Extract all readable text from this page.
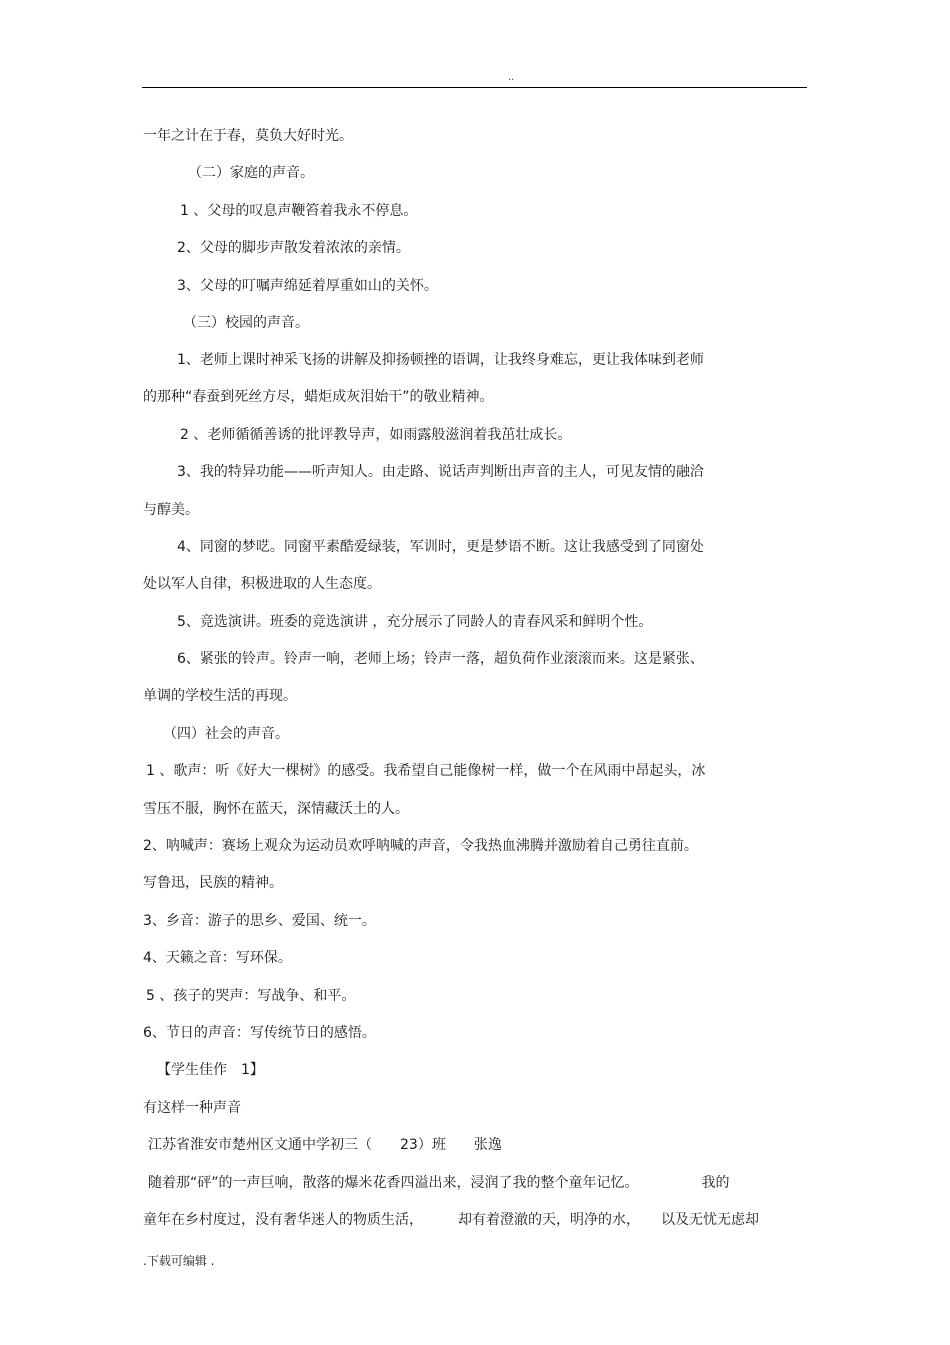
..
一年之计在于春，莫负大好时光。
（二）家庭的声音。
1 、父母的叹息声鞭笞着我永不停息。
2、父母的脚步声散发着浓浓的亲情。
3、父母的叮嘱声绵延着厚重如山的关怀。
（三）校园的声音。
1、老师上课时神采飞扬的讲解及抑扬顿挫的语调，让我终身难忘，更让我体味到老师
的那种“春蚕到死丝方尽，蜡炬成灰泪始干”的敬业精神。
2 、老师循循善诱的批评教导声，如雨露般滋润着我茁壮成长。
3、我的特异功能——听声知人。由走路、说话声判断出声音的主人，可见友情的融洽
与醇美。
4、同窗的梦呓。同窗平素酷爱绿装，军训时，更是梦语不断。这让我感受到了同窗处
处以军人自律，积极进取的人生态度。
5、竞选演讲。班委的竞选演讲 ，充分展示了同龄人的青春风采和鲜明个性。
6、紧张的铃声。铃声一响，老师上场；铃声一落，超负荷作业滚滚而来。这是紧张、
单调的学校生活的再现。
（四）社会的声音。
1 、歌声：听《好大一棵树》的感受。我希望自己能像树一样，做一个在风雨中昂起头，冰
雪压不服，胸怀在蓝天，深情藏沃土的人。
2、呐喊声：赛场上观众为运动员欢呼呐喊的声音，令我热血沸腾并激励着自己勇往直前。
写鲁迅，民族的精神。
3、乡音：游子的思乡、爱国、统一。
4、天籁之音：写环保。
5 、孩子的哭声：写战争、和平。
6、节日的声音：写传统节日的感悟。
【学生佳作　1】
有这样一种声音
江苏省淮安市楚州区文通中学初三（　　23）班　　张逸
随着那“砰”的一声巨响，散落的爆米花香四溢出来，浸润了我的整个童年记忆。　　　　　我的
童年在乡村度过，没有奢华迷人的物质生活，　　　却有着澄澈的天，明净的水，　　以及无忧无虑却
.下载可编辑 .
